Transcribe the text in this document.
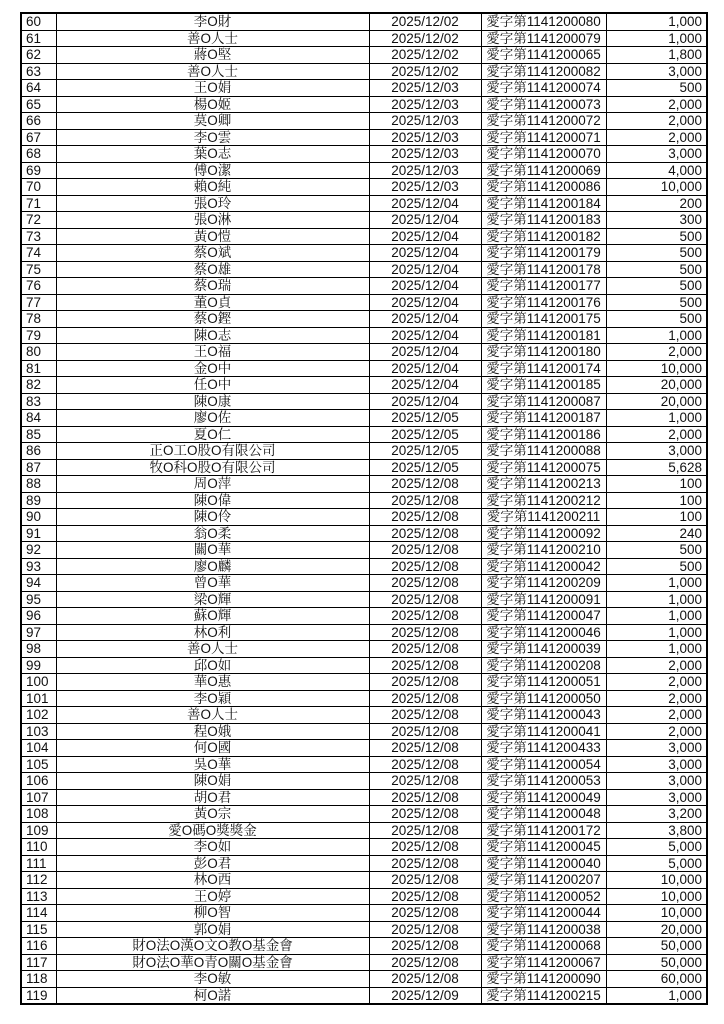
60	李O財	2025/12/02	愛字第1141200080	1,000
61	善O人士	2025/12/02	愛字第1141200079	1,000
62	蔣O堅	2025/12/02	愛字第1141200065	1,800
63	善O人士	2025/12/02	愛字第1141200082	3,000
64	王O娟	2025/12/03	愛字第1141200074	500
65	楊O姬	2025/12/03	愛字第1141200073	2,000
66	莫O卿	2025/12/03	愛字第1141200072	2,000
67	李O雲	2025/12/03	愛字第1141200071	2,000
68	葉O志	2025/12/03	愛字第1141200070	3,000
69	傅O潔	2025/12/03	愛字第1141200069	4,000
70	賴O純	2025/12/03	愛字第1141200086	10,000
71	張O玲	2025/12/04	愛字第1141200184	200
72	張O淋	2025/12/04	愛字第1141200183	300
73	黃O愷	2025/12/04	愛字第1141200182	500
74	蔡O斌	2025/12/04	愛字第1141200179	500
75	蔡O雄	2025/12/04	愛字第1141200178	500
76	蔡O瑞	2025/12/04	愛字第1141200177	500
77	董O貞	2025/12/04	愛字第1141200176	500
78	蔡O鏗	2025/12/04	愛字第1141200175	500
79	陳O志	2025/12/04	愛字第1141200181	1,000
80	王O福	2025/12/04	愛字第1141200180	2,000
81	金O中	2025/12/04	愛字第1141200174	10,000
82	任O中	2025/12/04	愛字第1141200185	20,000
83	陳O康	2025/12/04	愛字第1141200087	20,000
84	廖O佐	2025/12/05	愛字第1141200187	1,000
85	夏O仁	2025/12/05	愛字第1141200186	2,000
86	正O工O股O有限公司	2025/12/05	愛字第1141200088	3,000
87	牧O科O股O有限公司	2025/12/05	愛字第1141200075	5,628
88	周O萍	2025/12/08	愛字第1141200213	100
89	陳O偉	2025/12/08	愛字第1141200212	100
90	陳O伶	2025/12/08	愛字第1141200211	100
91	翁O柔	2025/12/08	愛字第1141200092	240
92	關O華	2025/12/08	愛字第1141200210	500
93	廖O麟	2025/12/08	愛字第1141200042	500
94	曾O華	2025/12/08	愛字第1141200209	1,000
95	梁O輝	2025/12/08	愛字第1141200091	1,000
96	蘇O輝	2025/12/08	愛字第1141200047	1,000
97	林O利	2025/12/08	愛字第1141200046	1,000
98	善O人士	2025/12/08	愛字第1141200039	1,000
99	邱O如	2025/12/08	愛字第1141200208	2,000
100	華O惠	2025/12/08	愛字第1141200051	2,000
101	李O穎	2025/12/08	愛字第1141200050	2,000
102	善O人士	2025/12/08	愛字第1141200043	2,000
103	程O娥	2025/12/08	愛字第1141200041	2,000
104	何O國	2025/12/08	愛字第1141200433	3,000
105	吳O華	2025/12/08	愛字第1141200054	3,000
106	陳O娟	2025/12/08	愛字第1141200053	3,000
107	胡O君	2025/12/08	愛字第1141200049	3,000
108	黃O宗	2025/12/08	愛字第1141200048	3,200
109	愛O碼O獎獎金	2025/12/08	愛字第1141200172	3,800
110	李O如	2025/12/08	愛字第1141200045	5,000
111	彭O君	2025/12/08	愛字第1141200040	5,000
112	林O西	2025/12/08	愛字第1141200207	10,000
113	王O婷	2025/12/08	愛字第1141200052	10,000
114	柳O智	2025/12/08	愛字第1141200044	10,000
115	郭O娟	2025/12/08	愛字第1141200038	20,000
116	財O法O漢O文O教O基金會	2025/12/08	愛字第1141200068	50,000
117	財O法O華O青O關O基金會	2025/12/08	愛字第1141200067	50,000
118	李O敏	2025/12/08	愛字第1141200090	60,000
119	柯O諾	2025/12/09	愛字第1141200215	1,000
